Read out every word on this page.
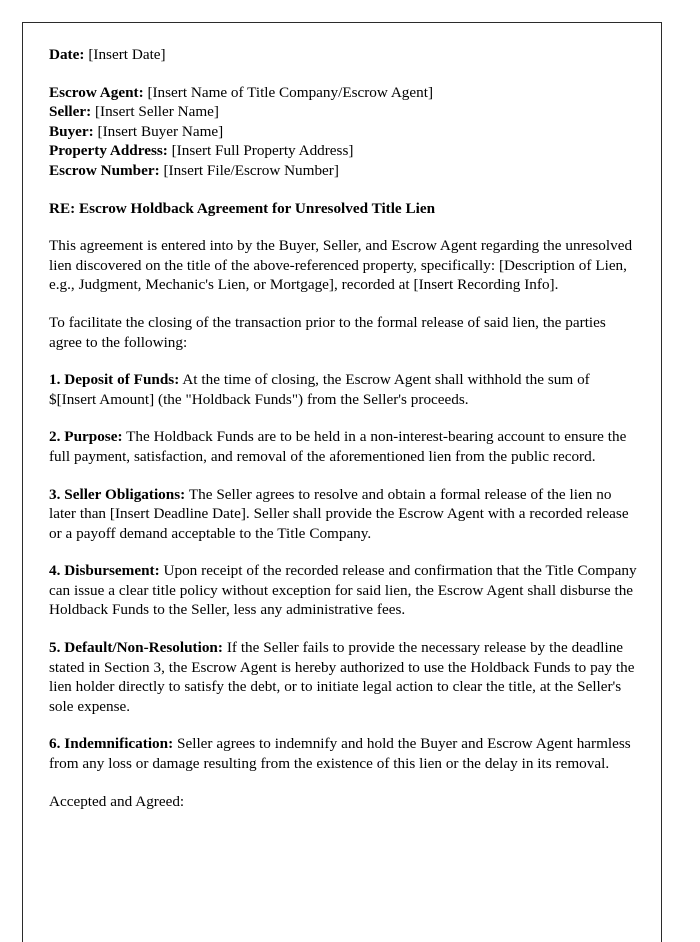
Date: [Insert Date]
Escrow Agent: [Insert Name of Title Company/Escrow Agent]
Seller: [Insert Seller Name]
Buyer: [Insert Buyer Name]
Property Address: [Insert Full Property Address]
Escrow Number: [Insert File/Escrow Number]
RE: Escrow Holdback Agreement for Unresolved Title Lien
This agreement is entered into by the Buyer, Seller, and Escrow Agent regarding the unresolved lien discovered on the title of the above-referenced property, specifically: [Description of Lien, e.g., Judgment, Mechanic's Lien, or Mortgage], recorded at [Insert Recording Info].
To facilitate the closing of the transaction prior to the formal release of said lien, the parties agree to the following:
1. Deposit of Funds: At the time of closing, the Escrow Agent shall withhold the sum of $[Insert Amount] (the "Holdback Funds") from the Seller's proceeds.
2. Purpose: The Holdback Funds are to be held in a non-interest-bearing account to ensure the full payment, satisfaction, and removal of the aforementioned lien from the public record.
3. Seller Obligations: The Seller agrees to resolve and obtain a formal release of the lien no later than [Insert Deadline Date]. Seller shall provide the Escrow Agent with a recorded release or a payoff demand acceptable to the Title Company.
4. Disbursement: Upon receipt of the recorded release and confirmation that the Title Company can issue a clear title policy without exception for said lien, the Escrow Agent shall disburse the Holdback Funds to the Seller, less any administrative fees.
5. Default/Non-Resolution: If the Seller fails to provide the necessary release by the deadline stated in Section 3, the Escrow Agent is hereby authorized to use the Holdback Funds to pay the lien holder directly to satisfy the debt, or to initiate legal action to clear the title, at the Seller's sole expense.
6. Indemnification: Seller agrees to indemnify and hold the Buyer and Escrow Agent harmless from any loss or damage resulting from the existence of this lien or the delay in its removal.
Accepted and Agreed:
